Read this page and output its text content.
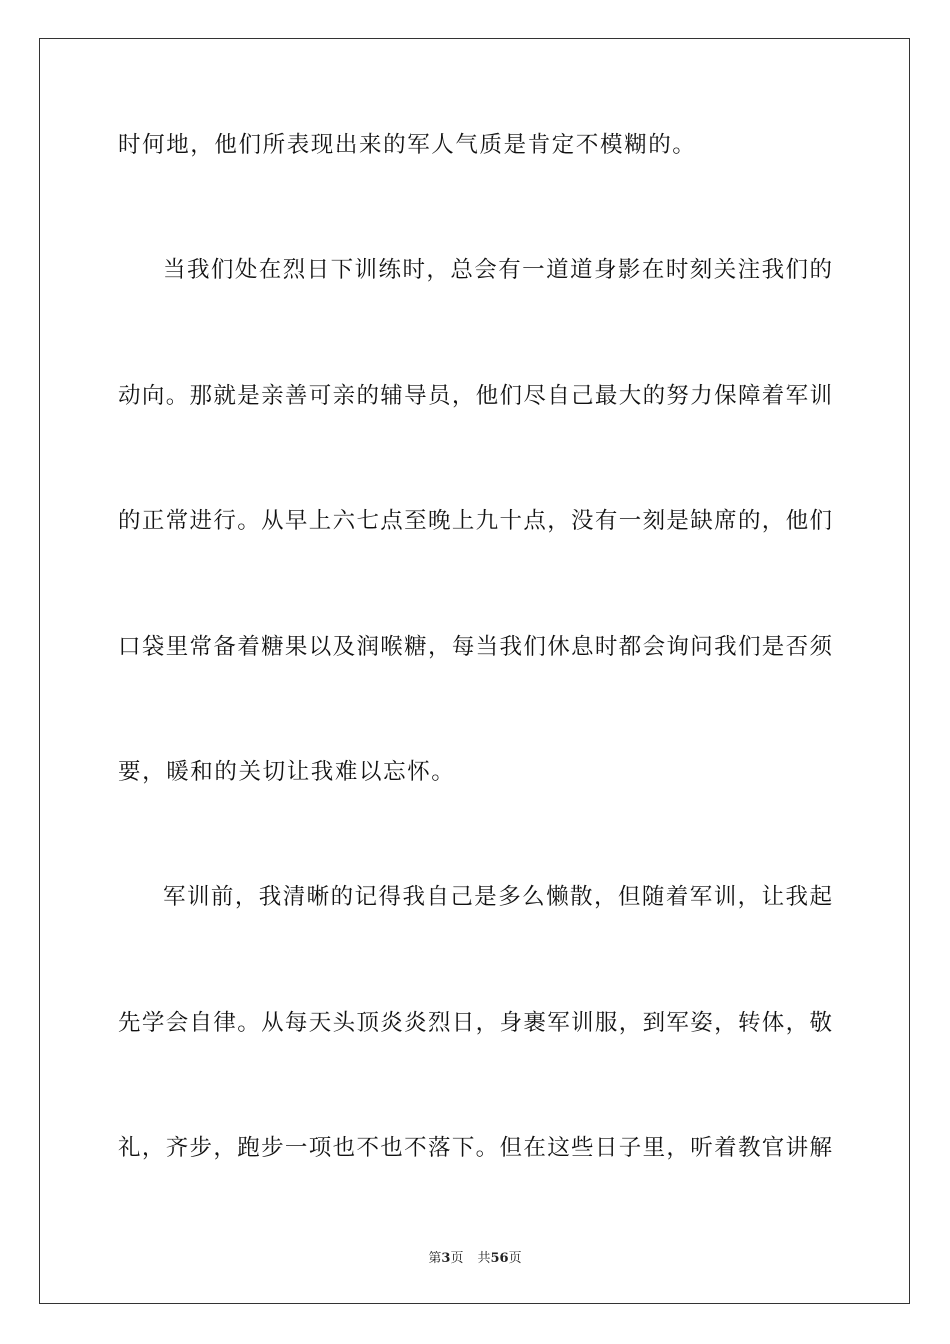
时何地，他们所表现出来的军人气质是肯定不模糊的。
当我们处在烈日下训练时，总会有一道道身影在时刻关注我们的
动向。那就是亲善可亲的辅导员，他们尽自己最大的努力保障着军训
的正常进行。从早上六七点至晚上九十点，没有一刻是缺席的，他们
口袋里常备着糖果以及润喉糖，每当我们休息时都会询问我们是否须
要，暖和的关切让我难以忘怀。
军训前，我清晰的记得我自己是多么懒散，但随着军训，让我起
先学会自律。从每天头顶炎炎烈日，身裹军训服，到军姿，转体，敬
礼，齐步，跑步一项也不也不落下。但在这些日子里，听着教官讲解
第3页 共56页
